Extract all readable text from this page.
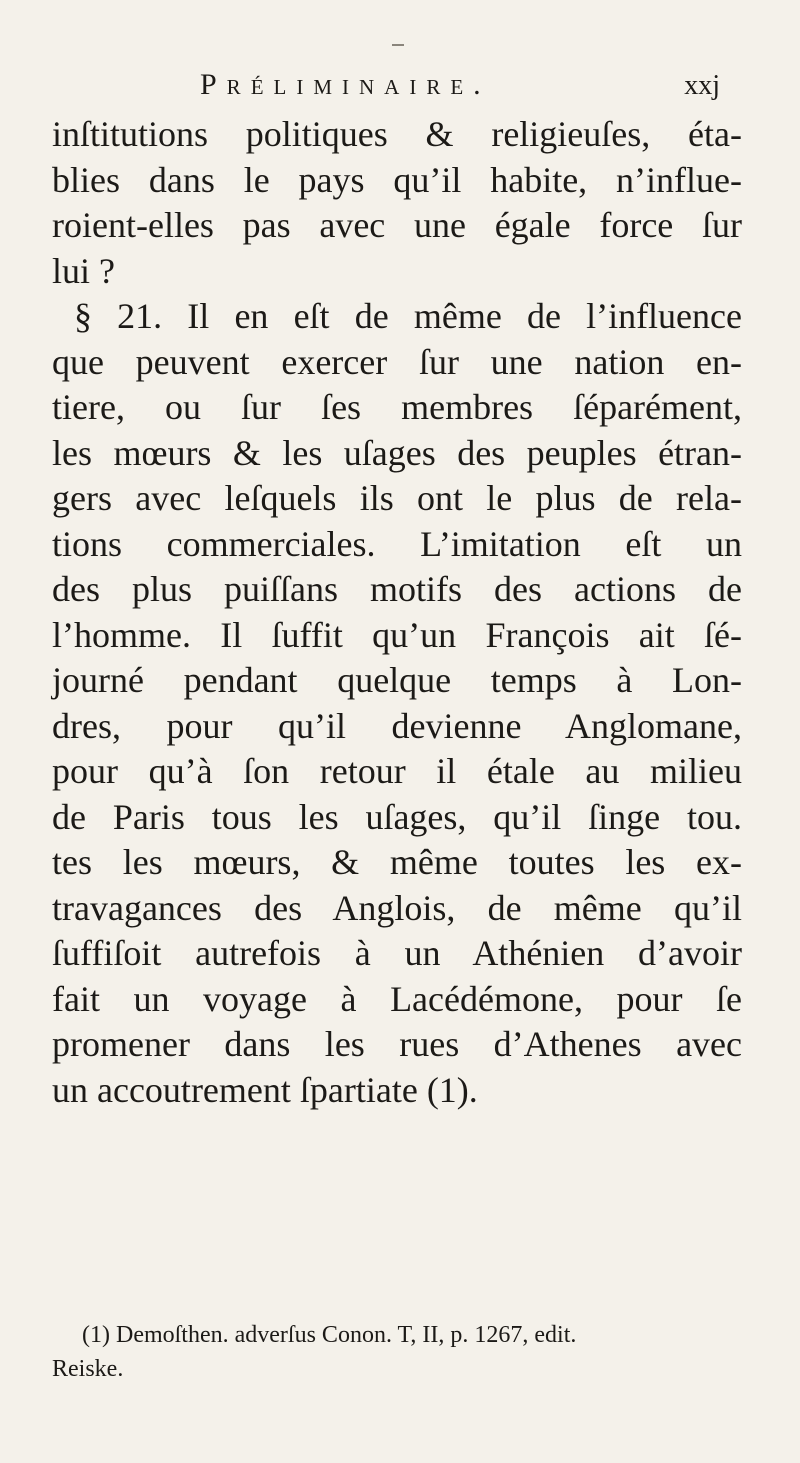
Préliminaire.	xxj
inſtitutions politiques & religieuſes, éta-
blies dans le pays qu’il habite, n’influe-
roient-elles pas avec une égale force ſur
lui ?
§ 21. Il en eſt de même de l’influence
que peuvent exercer ſur une nation en-
tiere, ou ſur ſes membres ſéparément,
les mœurs & les uſages des peuples étran-
gers avec leſquels ils ont le plus de rela-
tions commerciales. L’imitation eſt un
des plus puiſſans motifs des actions de
l’homme. Il ſuffit qu’un François ait ſé-
journé pendant quelque temps à Lon-
dres, pour qu’il devienne Anglomane,
pour qu’à ſon retour il étale au milieu
de Paris tous les uſages, qu’il ſinge tou.
tes les mœurs, & même toutes les ex-
travagances des Anglois, de même qu’il
ſuffiſoit autrefois à un Athénien d’avoir
fait un voyage à Lacédémone, pour ſe
promener dans les rues d’Athenes avec
un accoutrement ſpartiate (1).
(1) Demoſthen. adverſus Conon. T, II, p. 1267, edit.
Reiske.
